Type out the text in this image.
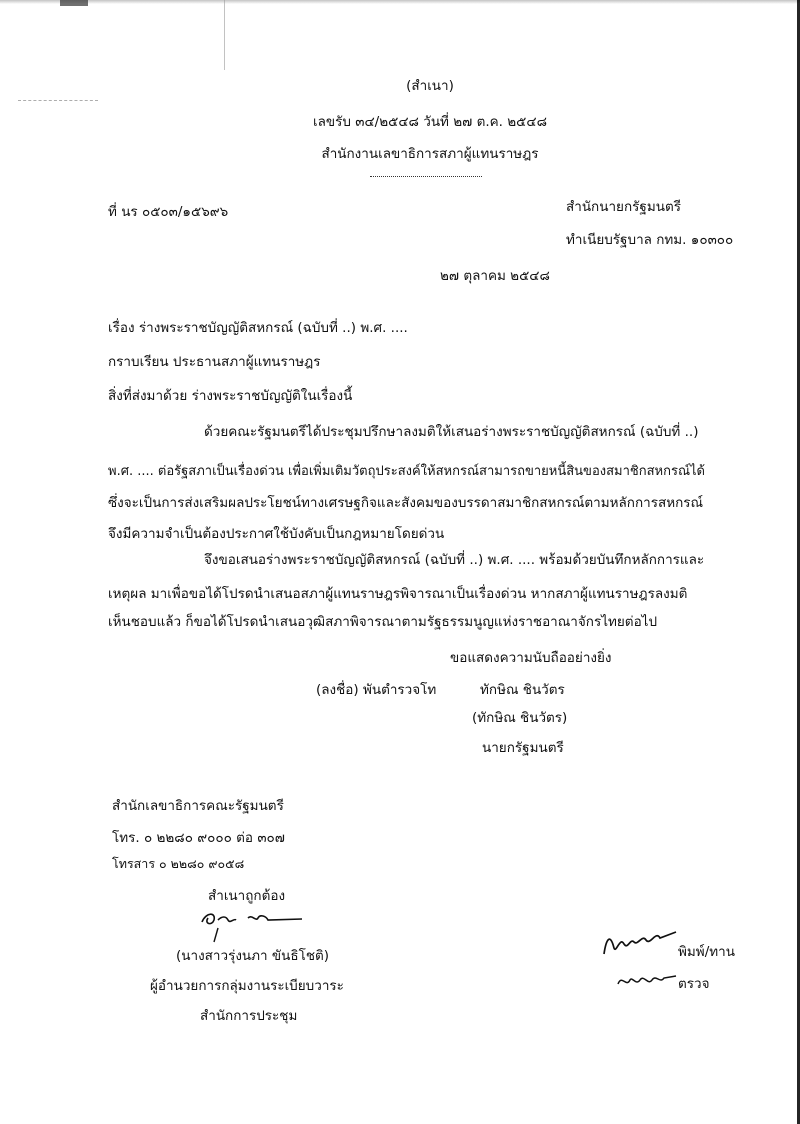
(สำเนา)
เลขรับ ๓๔/๒๕๔๘ วันที่ ๒๗ ต.ค. ๒๕๔๘
สำนักงานเลขาธิการสภาผู้แทนราษฎร
ที่ นร ๐๕๐๓/๑๕๖๙๖	สำนักนายกรัฐมนตรี
ทำเนียบรัฐบาล กทม. ๑๐๓๐๐
๒๗ ตุลาคม ๒๕๔๘
เรื่อง ร่างพระราชบัญญัติสหกรณ์ (ฉบับที่ ..) พ.ศ. ....
กราบเรียน ประธานสภาผู้แทนราษฎร
สิ่งที่ส่งมาด้วย ร่างพระราชบัญญัติในเรื่องนี้
ด้วยคณะรัฐมนตรีได้ประชุมปรึกษาลงมติให้เสนอร่างพระราชบัญญัติสหกรณ์ (ฉบับที่ ..)
พ.ศ. .... ต่อรัฐสภาเป็นเรื่องด่วน เพื่อเพิ่มเติมวัตถุประสงค์ให้สหกรณ์สามารถขายหนี้สินของสมาชิกสหกรณ์ได้
ซึ่งจะเป็นการส่งเสริมผลประโยชน์ทางเศรษฐกิจและสังคมของบรรดาสมาชิกสหกรณ์ตามหลักการสหกรณ์
จึงมีความจำเป็นต้องประกาศใช้บังคับเป็นกฎหมายโดยด่วน
จึงขอเสนอร่างพระราชบัญญัติสหกรณ์ (ฉบับที่ ..) พ.ศ. .... พร้อมด้วยบันทึกหลักการและ
เหตุผล มาเพื่อขอได้โปรดนำเสนอสภาผู้แทนราษฎรพิจารณาเป็นเรื่องด่วน หากสภาผู้แทนราษฎรลงมติ
เห็นชอบแล้ว ก็ขอได้โปรดนำเสนอวุฒิสภาพิจารณาตามรัฐธรรมนูญแห่งราชอาณาจักรไทยต่อไป
ขอแสดงความนับถืออย่างยิ่ง
(ลงชื่อ) พันตำรวจโท	ทักษิณ ชินวัตร
(ทักษิณ ชินวัตร)
นายกรัฐมนตรี
สำนักเลขาธิการคณะรัฐมนตรี
โทร. ๐ ๒๒๘๐ ๙๐๐๐ ต่อ ๓๐๗
โทรสาร ๐ ๒๒๘๐ ๙๐๕๘
สำเนาถูกต้อง
(นางสาวรุ่งนภา ขันธิโชติ)
ผู้อำนวยการกลุ่มงานระเบียบวาระ
สำนักการประชุม
พิมพ์/ทาน
ตรวจ
